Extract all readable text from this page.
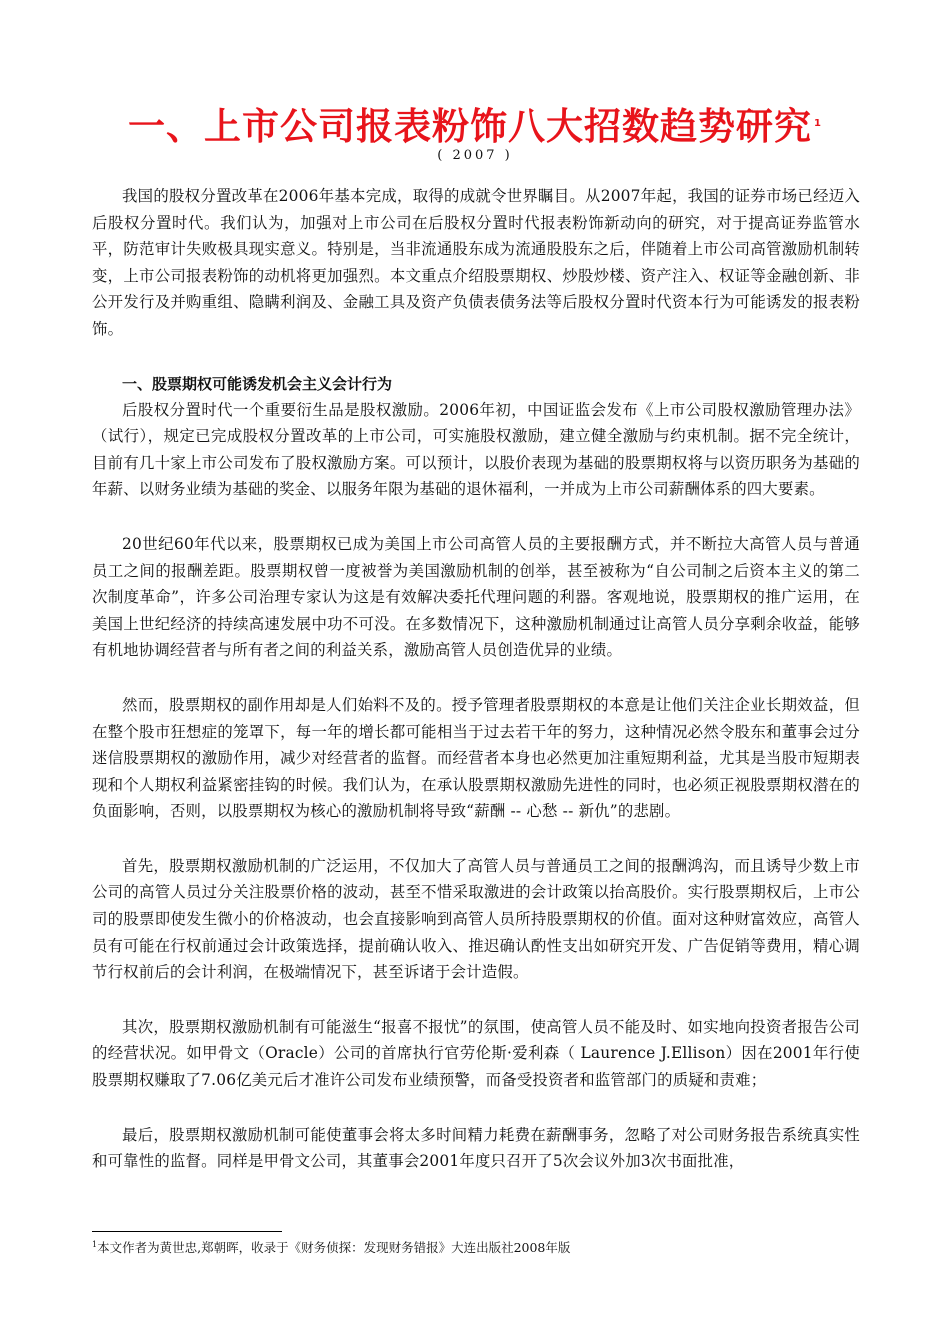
一、上市公司报表粉饰八大招数趋势研究 $^1$
( 2007 )

我国的股权分置改革在2006年基本完成，取得的成就令世界瞩目。从2007年起，我国的证券市场已经迈入后股权分置时代。我们认为，加强对上市公司在后股权分置时代报表粉饰新动向的研究，对于提高证券监管水平，防范审计失败极具现实意义。特别是，当非流通股东成为流通股股东之后，伴随着上市公司高管激励机制转变，上市公司报表粉饰的动机将更加强烈。本文重点介绍股票期权、炒股炒楼、资产注入、权证等金融创新、非公开发行及并购重组、隐瞒利润及、金融工具及资产负债表债务法等后股权分置时代资本行为可能诱发的报表粉饰。

一、股票期权可能诱发机会主义会计行为

后股权分置时代一个重要衍生品是股权激励。2006年初，中国证监会发布《上市公司股权激励管理办法》（试行），规定已完成股权分置改革的上市公司，可实施股权激励，建立健全激励与约束机制。据不完全统计，目前有几十家上市公司发布了股权激励方案。可以预计，以股价表现为基础的股票期权将与以资历职务为基础的年薪、以财务业绩为基础的奖金、以服务年限为基础的退休福利，一并成为上市公司薪酬体系的四大要素。

20世纪60年代以来，股票期权已成为美国上市公司高管人员的主要报酬方式，并不断拉大高管人员与普通员工之间的报酬差距。股票期权曾一度被誉为美国激励机制的创举，甚至被称为“自公司制之后资本主义的第二次制度革命”，许多公司治理专家认为这是有效解决委托代理问题的利器。客观地说，股票期权的推广运用，在美国上世纪经济的持续高速发展中功不可没。在多数情况下，这种激励机制通过让高管人员分享剩余收益，能够有机地协调经营者与所有者之间的利益关系，激励高管人员创造优异的业绩。

然而，股票期权的副作用却是人们始料不及的。授予管理者股票期权的本意是让他们关注企业长期效益，但在整个股市狂想症的笼罩下，每一年的增长都可能相当于过去若干年的努力，这种情况必然令股东和董事会过分迷信股票期权的激励作用，减少对经营者的监督。而经营者本身也必然更加注重短期利益，尤其是当股市短期表现和个人期权利益紧密挂钩的时候。我们认为，在承认股票期权激励先进性的同时，也必须正视股票期权潜在的负面影响，否则，以股票期权为核心的激励机制将导致“薪酬 -- 心愁 -- 新仇”的悲剧。

首先，股票期权激励机制的广泛运用，不仅加大了高管人员与普通员工之间的报酬鸿沟，而且诱导少数上市公司的高管人员过分关注股票价格的波动，甚至不惜采取激进的会计政策以抬高股价。实行股票期权后，上市公司的股票即使发生微小的价格波动，也会直接影响到高管人员所持股票期权的价值。面对这种财富效应，高管人员有可能在行权前通过会计政策选择，提前确认收入、推迟确认酌性支出如研究开发、广告促销等费用，精心调节行权前后的会计利润，在极端情况下，甚至诉诸于会计造假。

其次，股票期权激励机制有可能滋生“报喜不报忧”的氛围，使高管人员不能及时、如实地向投资者报告公司的经营状况。如甲骨文（Oracle）公司的首席执行官劳伦斯·爱利森（ Laurence J.Ellison）因在2001年行使股票期权赚取了7.06亿美元后才准许公司发布业绩预警，而备受投资者和监管部门的质疑和责难；

最后，股票期权激励机制可能使董事会将太多时间精力耗费在薪酬事务，忽略了对公司财务报告系统真实性和可靠性的监督。同样是甲骨文公司，其董事会2001年度只召开了5次会议外加3次书面批准，

$^1$本文作者为黄世忠,郑朝晖，收录于《财务侦探：发现财务错报》大连出版社2008年版
